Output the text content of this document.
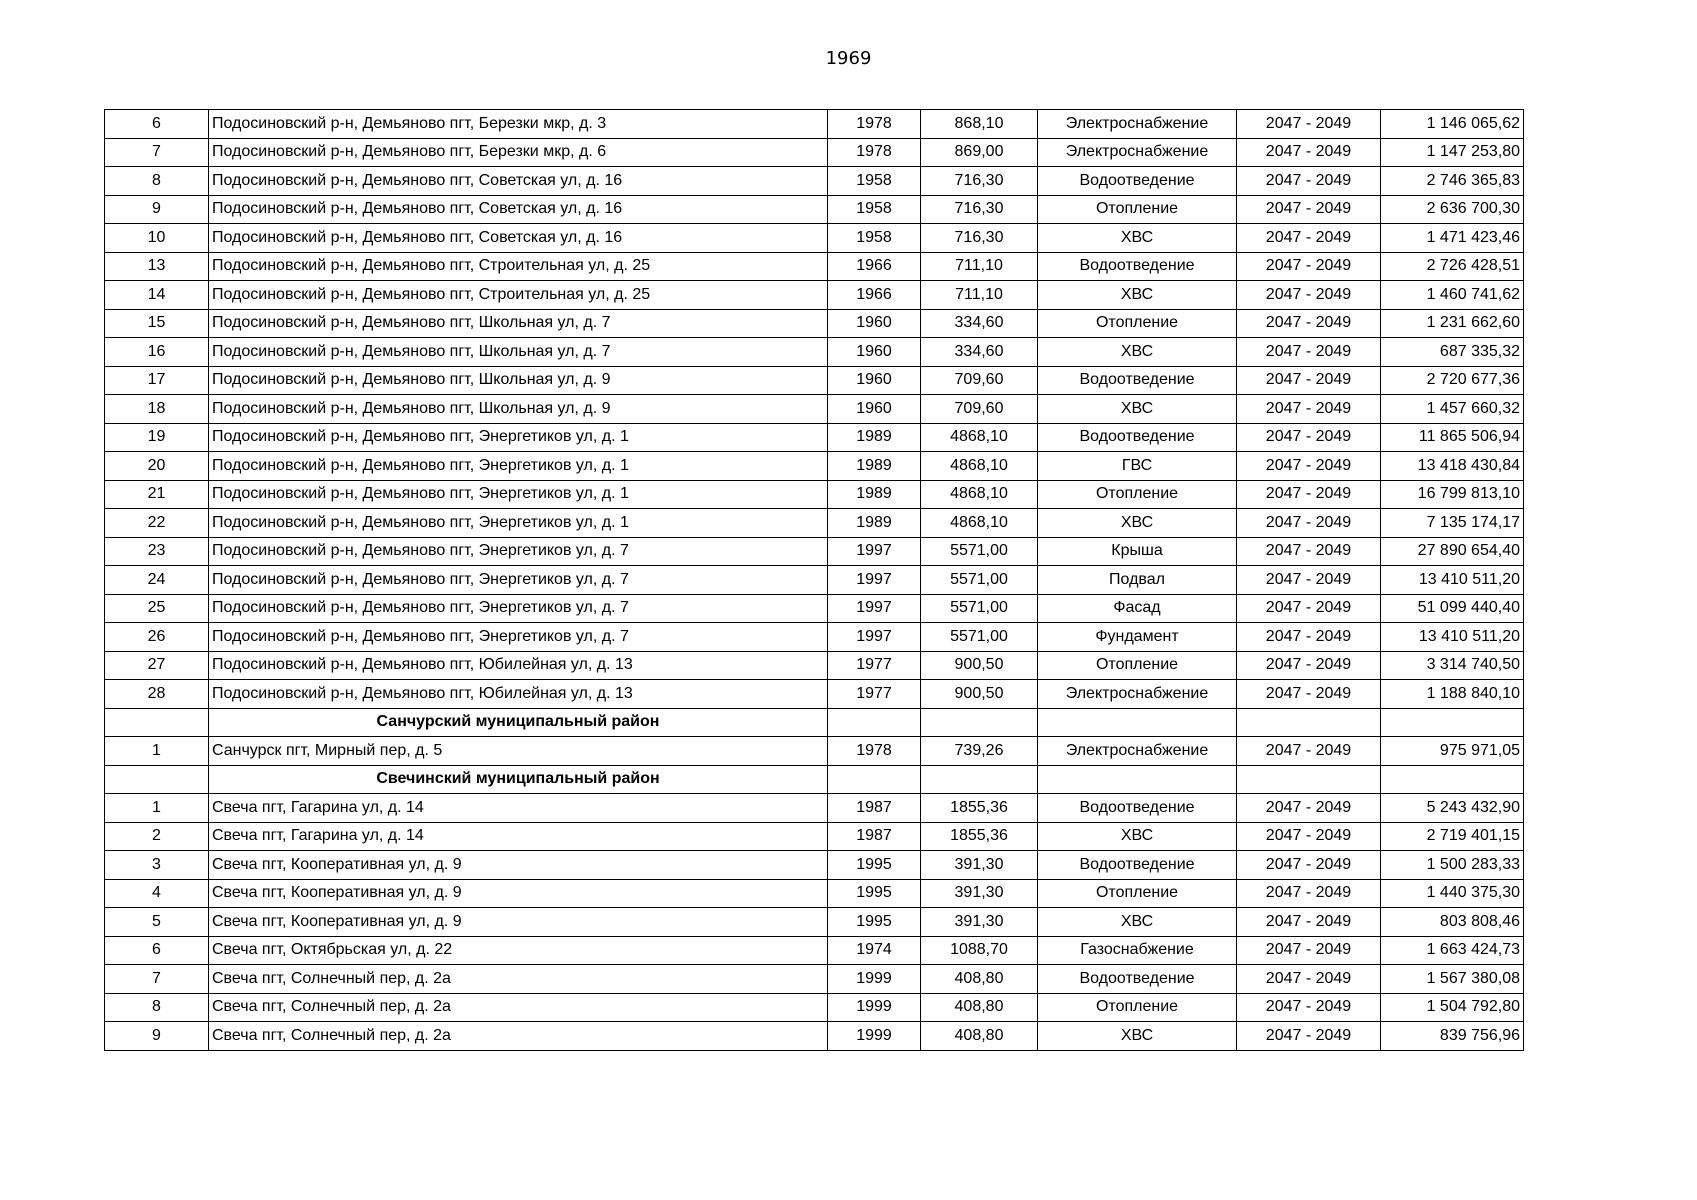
1969
6	Подосиновский р-н, Демьяново пгт, Березки мкр, д. 3	1978	868,10	Электроснабжение	2047 - 2049	1 146 065,62
7	Подосиновский р-н, Демьяново пгт, Березки мкр, д. 6	1978	869,00	Электроснабжение	2047 - 2049	1 147 253,80
8	Подосиновский р-н, Демьяново пгт, Советская ул, д. 16	1958	716,30	Водоотведение	2047 - 2049	2 746 365,83
9	Подосиновский р-н, Демьяново пгт, Советская ул, д. 16	1958	716,30	Отопление	2047 - 2049	2 636 700,30
10	Подосиновский р-н, Демьяново пгт, Советская ул, д. 16	1958	716,30	ХВС	2047 - 2049	1 471 423,46
13	Подосиновский р-н, Демьяново пгт, Строительная ул, д. 25	1966	711,10	Водоотведение	2047 - 2049	2 726 428,51
14	Подосиновский р-н, Демьяново пгт, Строительная ул, д. 25	1966	711,10	ХВС	2047 - 2049	1 460 741,62
15	Подосиновский р-н, Демьяново пгт, Школьная ул, д. 7	1960	334,60	Отопление	2047 - 2049	1 231 662,60
16	Подосиновский р-н, Демьяново пгт, Школьная ул, д. 7	1960	334,60	ХВС	2047 - 2049	687 335,32
17	Подосиновский р-н, Демьяново пгт, Школьная ул, д. 9	1960	709,60	Водоотведение	2047 - 2049	2 720 677,36
18	Подосиновский р-н, Демьяново пгт, Школьная ул, д. 9	1960	709,60	ХВС	2047 - 2049	1 457 660,32
19	Подосиновский р-н, Демьяново пгт, Энергетиков ул, д. 1	1989	4868,10	Водоотведение	2047 - 2049	11 865 506,94
20	Подосиновский р-н, Демьяново пгт, Энергетиков ул, д. 1	1989	4868,10	ГВС	2047 - 2049	13 418 430,84
21	Подосиновский р-н, Демьяново пгт, Энергетиков ул, д. 1	1989	4868,10	Отопление	2047 - 2049	16 799 813,10
22	Подосиновский р-н, Демьяново пгт, Энергетиков ул, д. 1	1989	4868,10	ХВС	2047 - 2049	7 135 174,17
23	Подосиновский р-н, Демьяново пгт, Энергетиков ул, д. 7	1997	5571,00	Крыша	2047 - 2049	27 890 654,40
24	Подосиновский р-н, Демьяново пгт, Энергетиков ул, д. 7	1997	5571,00	Подвал	2047 - 2049	13 410 511,20
25	Подосиновский р-н, Демьяново пгт, Энергетиков ул, д. 7	1997	5571,00	Фасад	2047 - 2049	51 099 440,40
26	Подосиновский р-н, Демьяново пгт, Энергетиков ул, д. 7	1997	5571,00	Фундамент	2047 - 2049	13 410 511,20
27	Подосиновский р-н, Демьяново пгт, Юбилейная ул, д. 13	1977	900,50	Отопление	2047 - 2049	3 314 740,50
28	Подосиновский р-н, Демьяново пгт, Юбилейная ул, д. 13	1977	900,50	Электроснабжение	2047 - 2049	1 188 840,10
	Санчурский муниципальный район					
1	Санчурск пгт, Мирный пер, д. 5	1978	739,26	Электроснабжение	2047 - 2049	975 971,05
	Свечинский муниципальный район					
1	Свеча пгт, Гагарина ул, д. 14	1987	1855,36	Водоотведение	2047 - 2049	5 243 432,90
2	Свеча пгт, Гагарина ул, д. 14	1987	1855,36	ХВС	2047 - 2049	2 719 401,15
3	Свеча пгт, Кооперативная ул, д. 9	1995	391,30	Водоотведение	2047 - 2049	1 500 283,33
4	Свеча пгт, Кооперативная ул, д. 9	1995	391,30	Отопление	2047 - 2049	1 440 375,30
5	Свеча пгт, Кооперативная ул, д. 9	1995	391,30	ХВС	2047 - 2049	803 808,46
6	Свеча пгт, Октябрьская ул, д. 22	1974	1088,70	Газоснабжение	2047 - 2049	1 663 424,73
7	Свеча пгт, Солнечный пер, д. 2а	1999	408,80	Водоотведение	2047 - 2049	1 567 380,08
8	Свеча пгт, Солнечный пер, д. 2а	1999	408,80	Отопление	2047 - 2049	1 504 792,80
9	Свеча пгт, Солнечный пер, д. 2а	1999	408,80	ХВС	2047 - 2049	839 756,96
